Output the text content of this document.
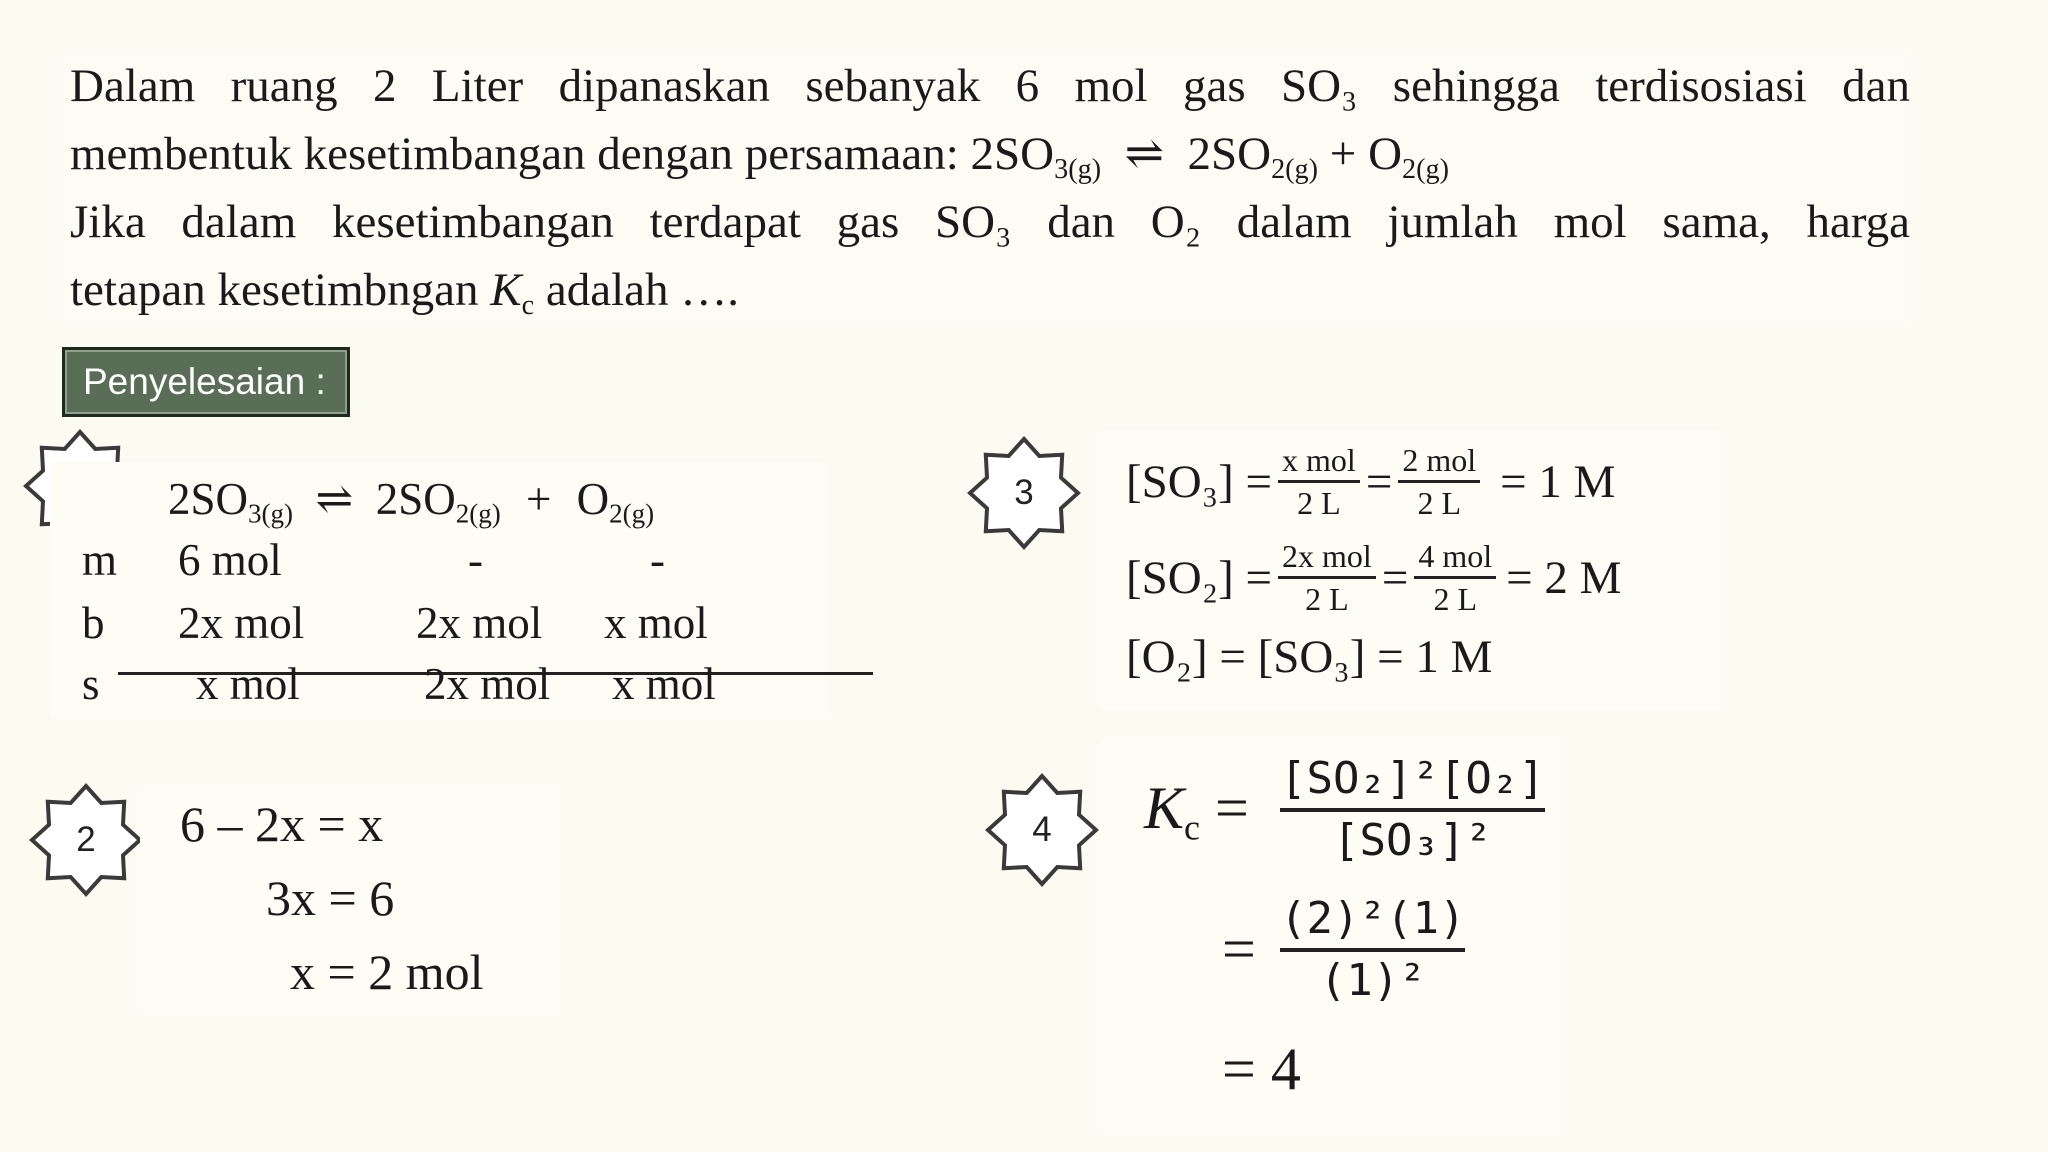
Dalam ruang 2 Liter dipanaskan sebanyak 6 mol gas SO₃ sehingga terdisosiasi dan
membentuk kesetimbangan dengan persamaan: 2SO3(g) ⇌ 2SO2(g) + O2(g)
Jika dalam kesetimbangan terdapat gas SO₃ dan O₂ dalam jumlah mol sama, harga
tetapan kesetimbngan Kc adalah ….
Penyelesaian :
2
3
4
2SO3(g) ⇌ 2SO2(g) + O2(g)
m 6 mol	-	-
b 2x mol 2x mol x mol
s x mol	2x mol x mol
6 – 2x = x
3x = 6
x = 2 mol
$[SO_3] = \frac{\text{x mol}}{2 L} = \frac{\text{2 mol}}{2 L} = 1$ M
$[SO_2] = \frac{\text{2x mol}}{2 L} = \frac{\text{4 mol}}{2 L} = 2$ M
[O₂] = [SO₃] = 1 M
Kc = [SO₂]²[O₂]
[SO₃]²
= (2)²(1)
(1)²
= 4
